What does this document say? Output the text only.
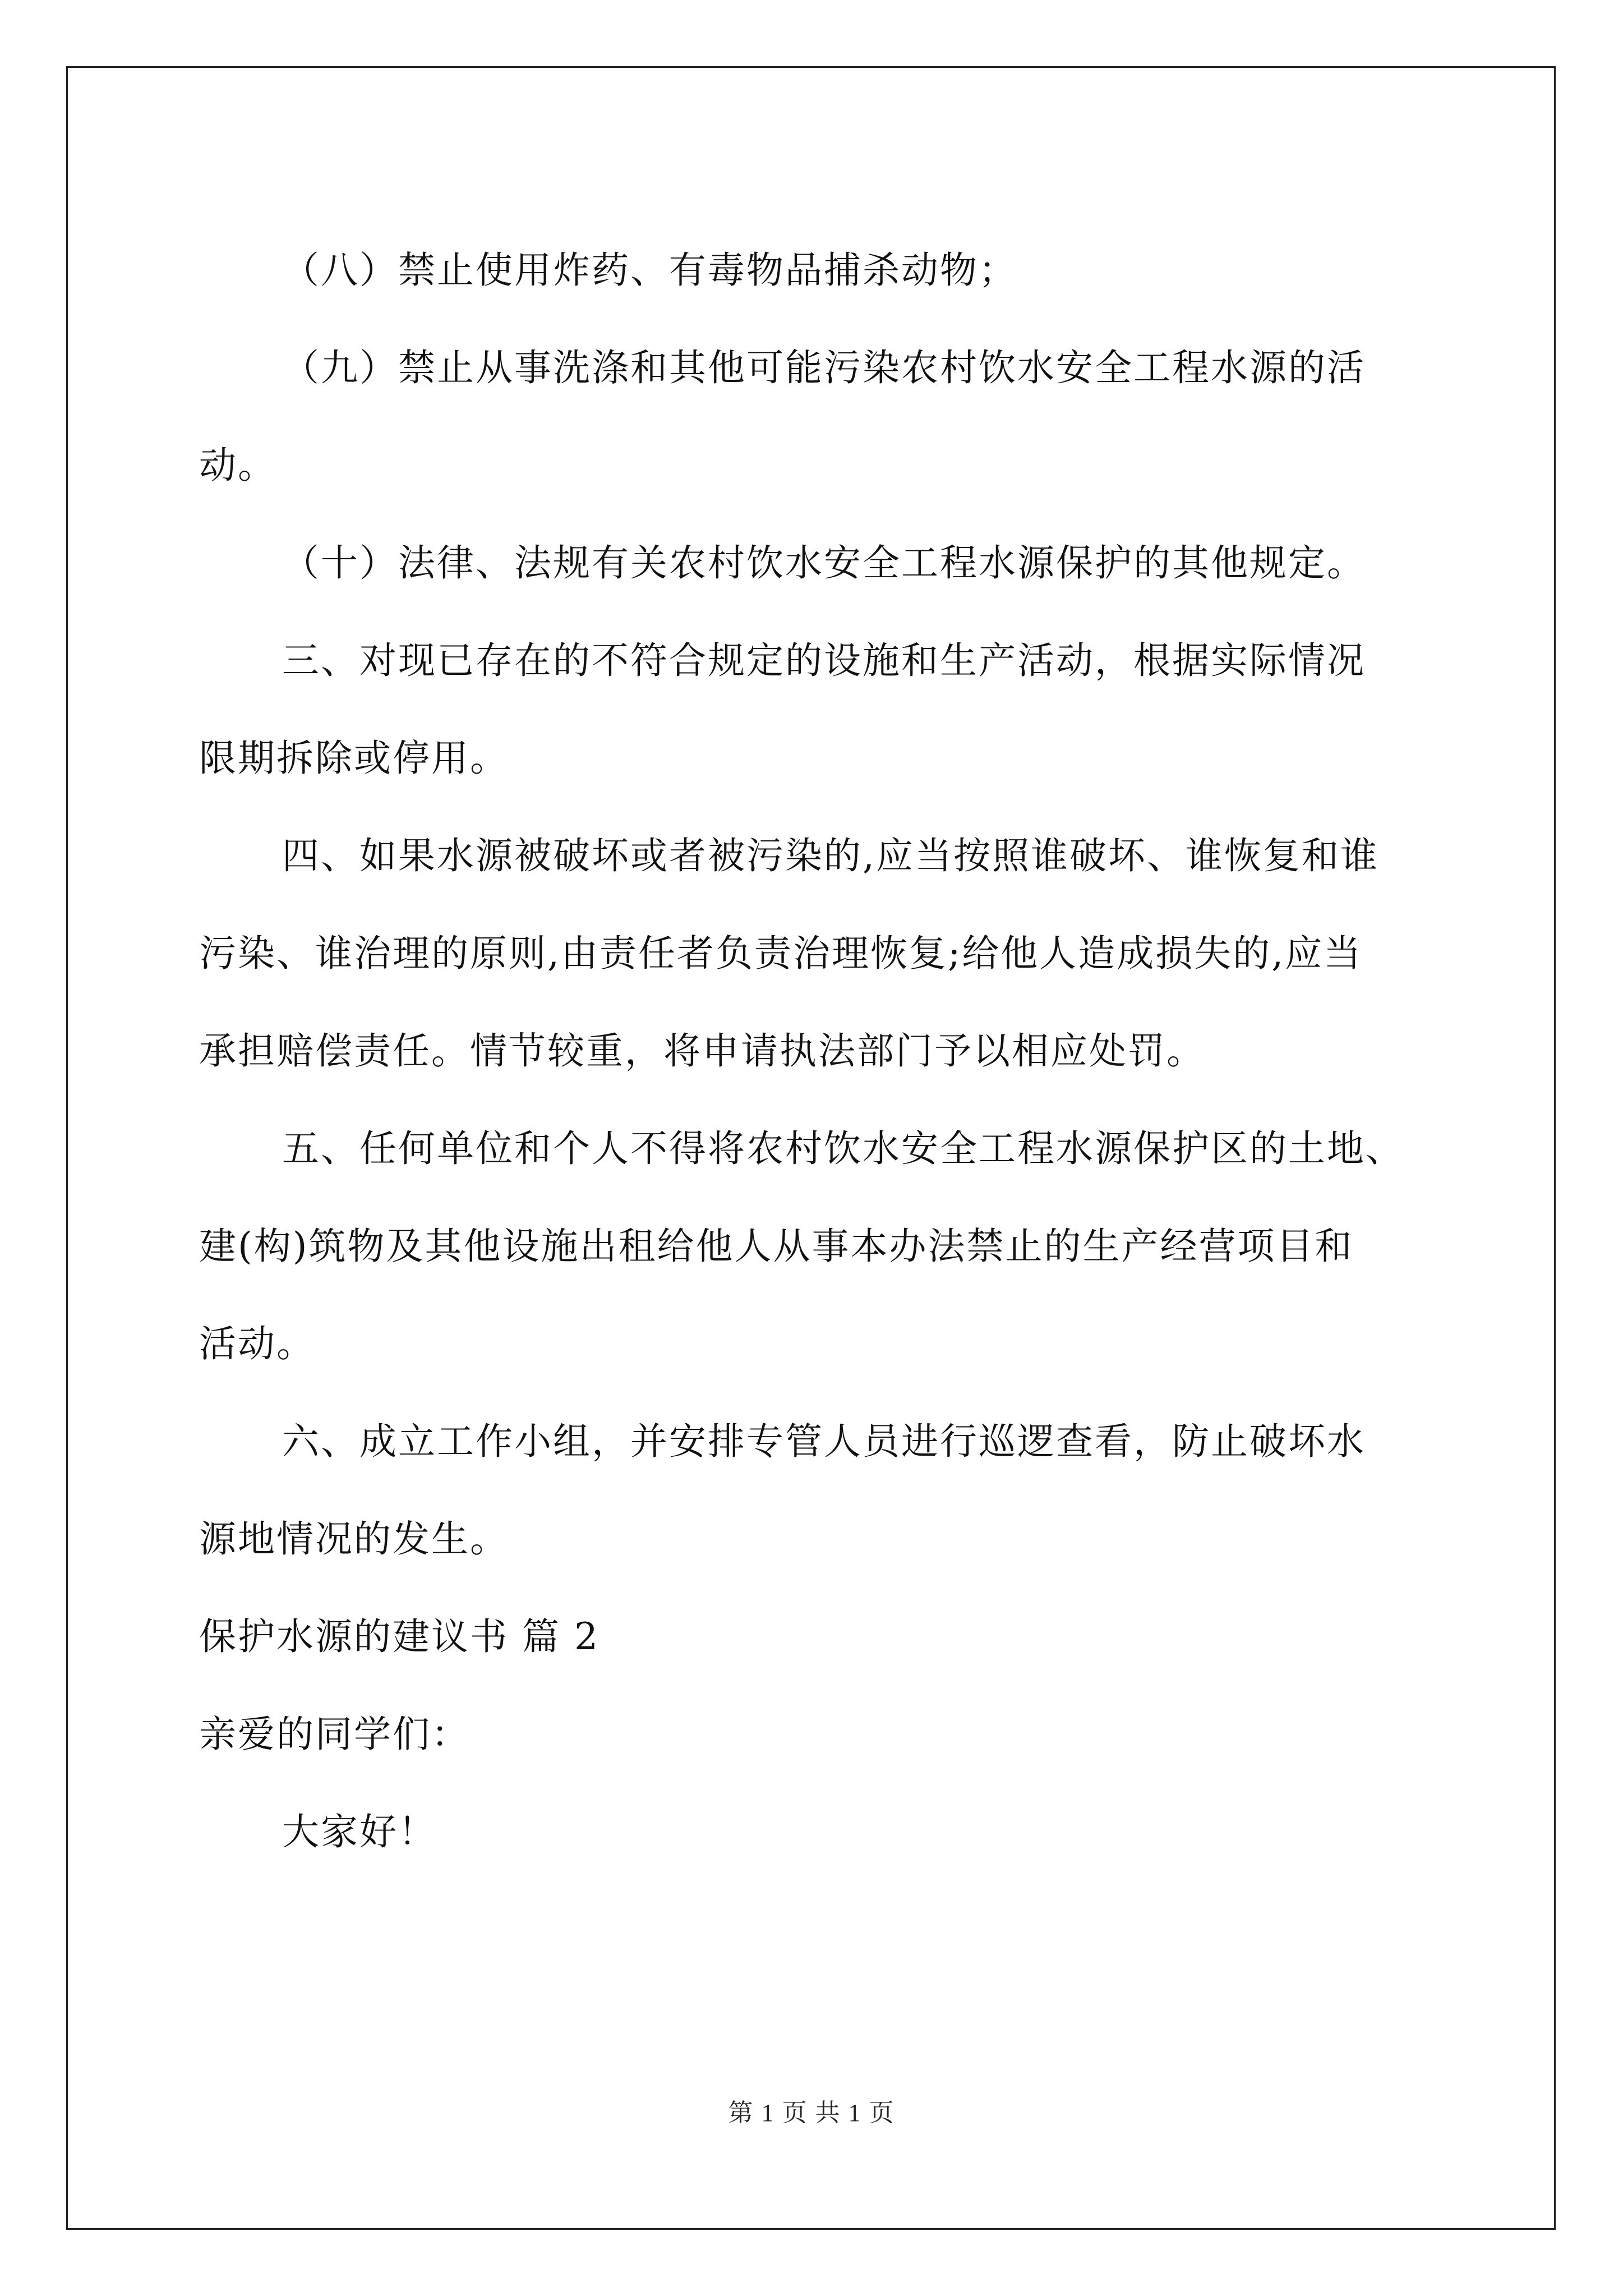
（八）禁止使用炸药、有毒物品捕杀动物；

（九）禁止从事洗涤和其他可能污染农村饮水安全工程水源的活

动。

（十）法律、法规有关农村饮水安全工程水源保护的其他规定。

三、对现已存在的不符合规定的设施和生产活动，根据实际情况

限期拆除或停用。

四、如果水源被破坏或者被污染的,应当按照谁破坏、谁恢复和谁

污染、谁治理的原则,由责任者负责治理恢复;给他人造成损失的,应当

承担赔偿责任。情节较重，将申请执法部门予以相应处罚。

五、任何单位和个人不得将农村饮水安全工程水源保护区的土地、

建(构)筑物及其他设施出租给他人从事本办法禁止的生产经营项目和

活动。

六、成立工作小组，并安排专管人员进行巡逻查看，防止破坏水

源地情况的发生。

保护水源的建议书 篇 2

亲爱的同学们：

大家好！

第 1 页 共 1 页
